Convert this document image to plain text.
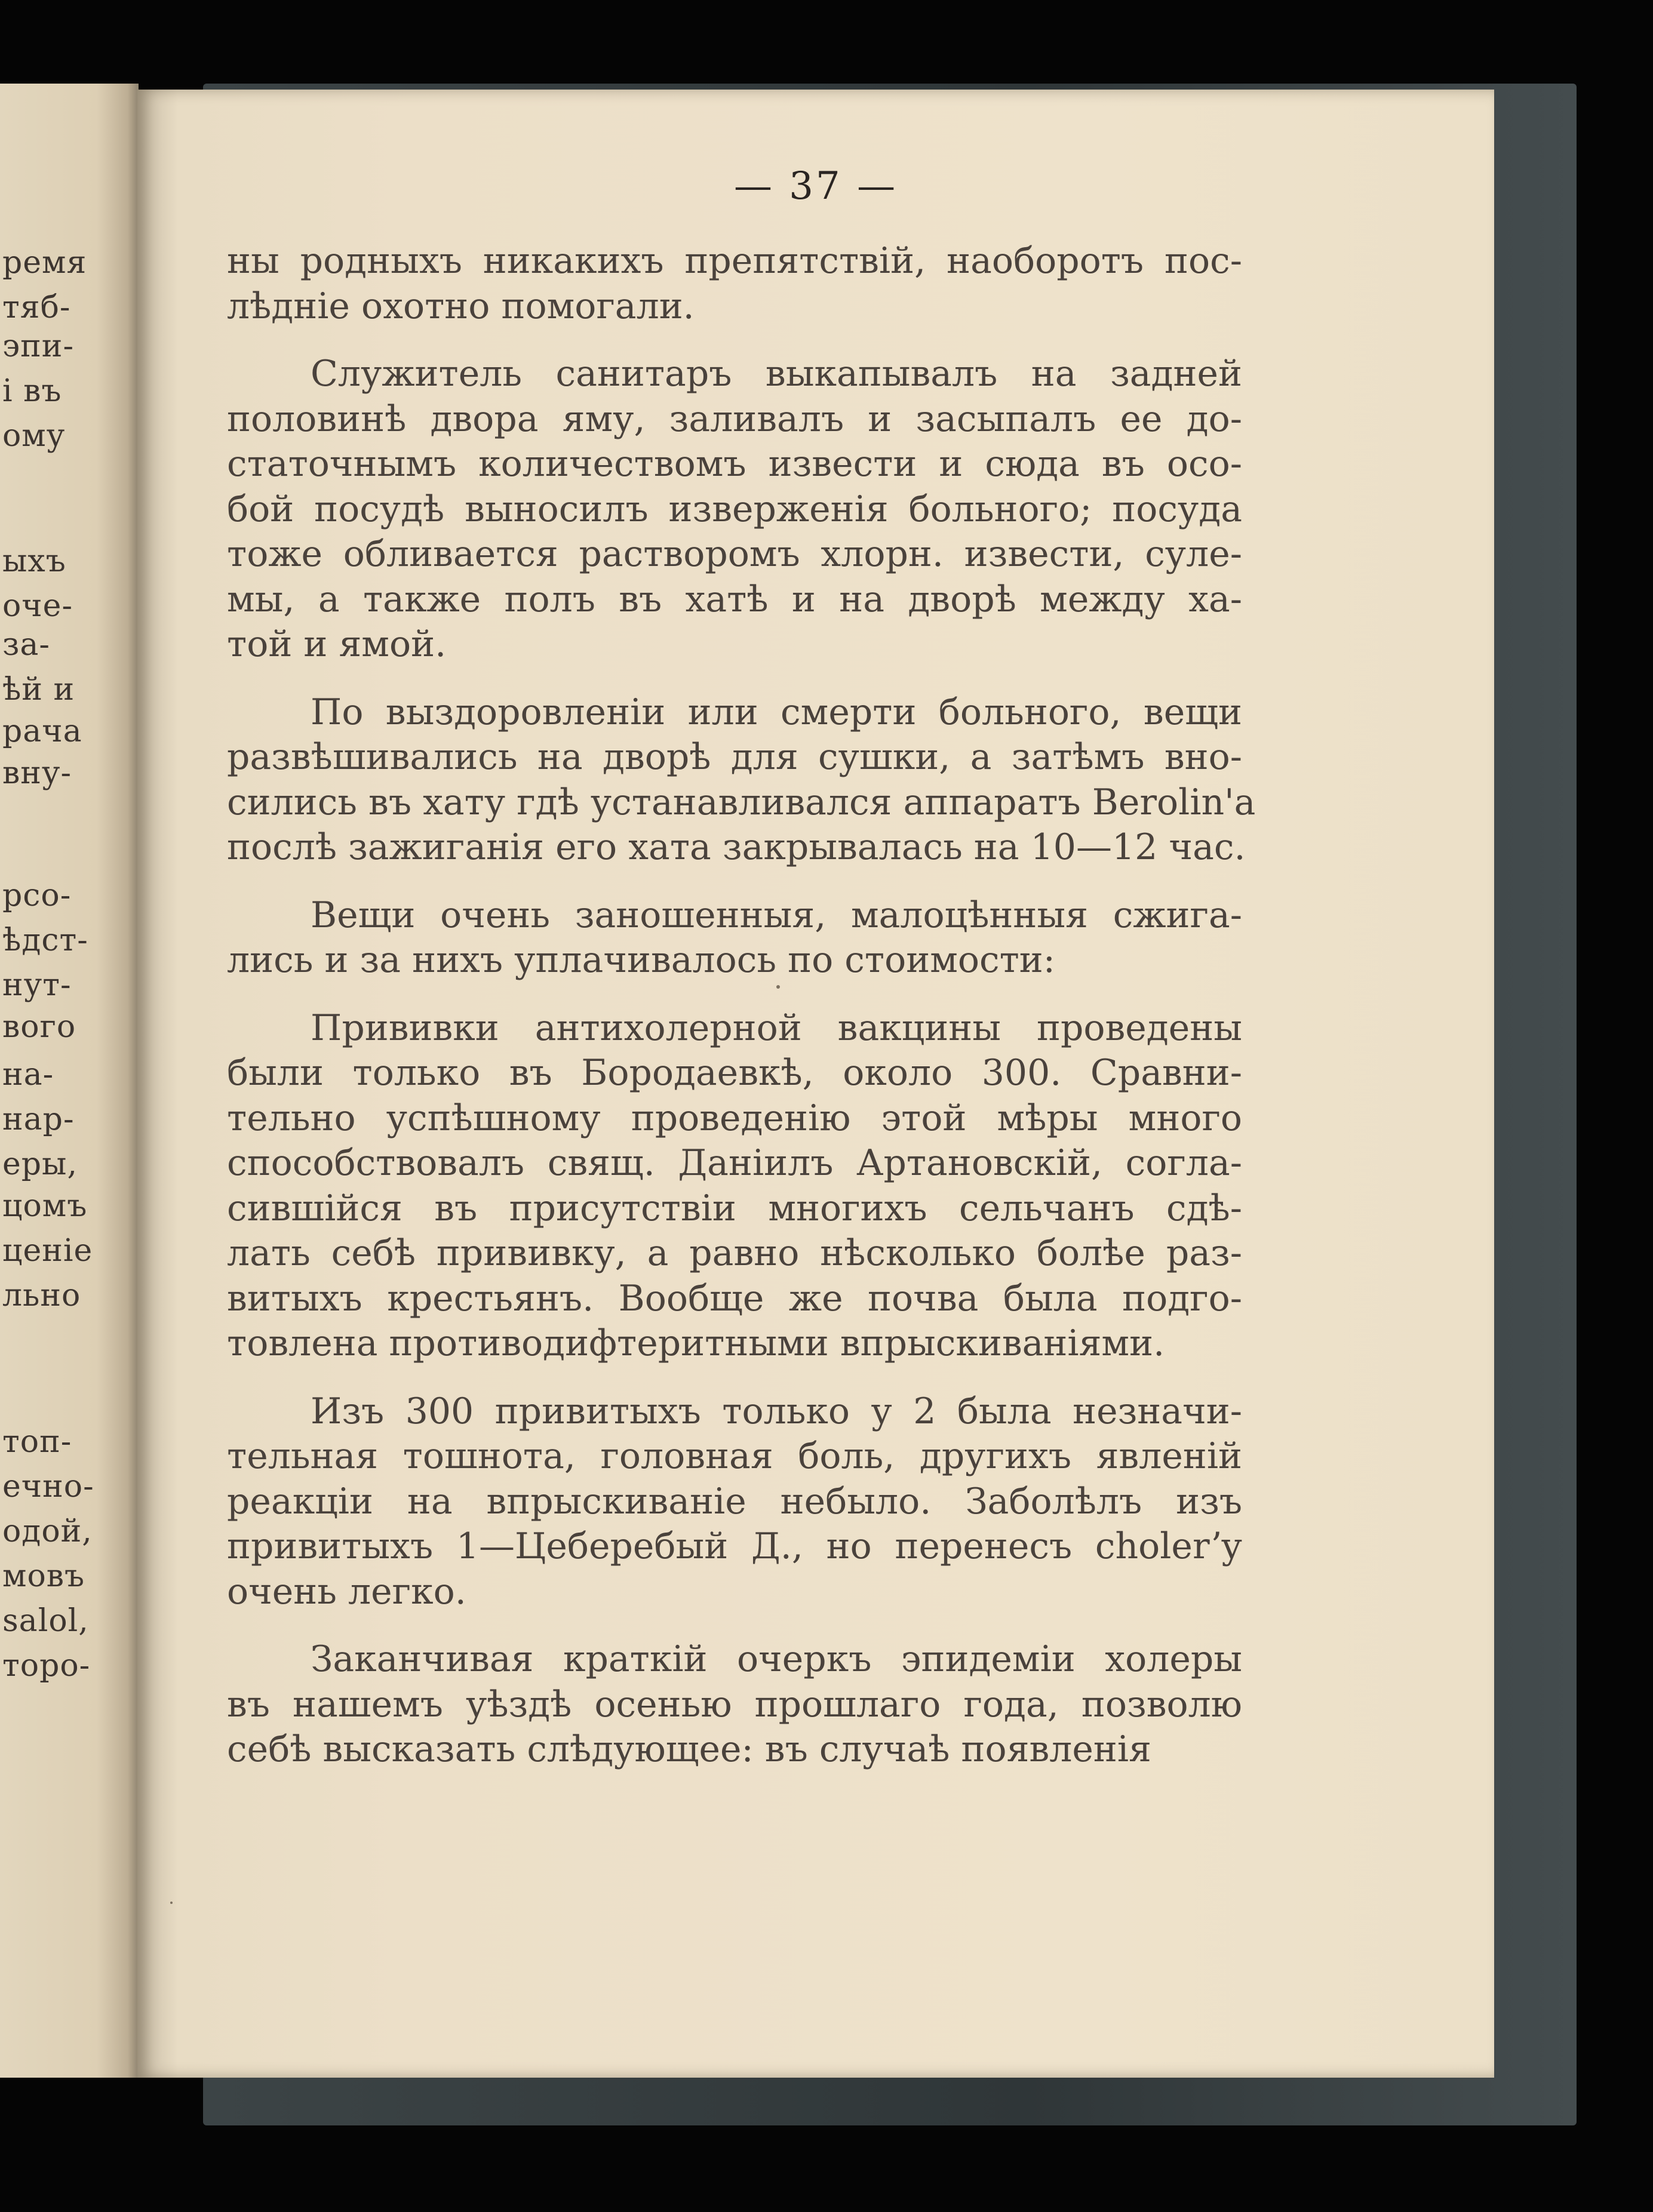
ремя
тяб-
эпи-
і въ
ому
ыхъ
оче-
за-
ѣй и
рача
вну-
рсо-
ѣдст-
нут-
вого
на-
нар-
еры,
цомъ
ценіе
льно
топ-
ечно-
одой,
мовъ
salol,
торо-
— 37 —
ны родныхъ никакихъ препятствій, наоборотъ пос-
лѣдніе охотно помогали.
Служитель санитаръ выкапывалъ на задней
половинѣ двора яму, заливалъ и засыпалъ ее до-
статочнымъ количествомъ извести и сюда въ осо-
бой посудѣ выносилъ изверженія больного; посуда
тоже обливается растворомъ хлорн. извести, суле-
мы, а также полъ въ хатѣ и на дворѣ между ха-
той и ямой.
По выздоровленіи или смерти больного, вещи
развѣшивались на дворѣ для сушки, а затѣмъ вно-
сились въ хату гдѣ устанавливался аппаратъ Berolin'а
послѣ зажиганія его хата закрывалась на 10—12 час.
Вещи очень заношенныя, малоцѣнныя сжига-
лись и за нихъ уплачивалось по стоимости:
Прививки антихолерной вакцины проведены
были только въ Бородаевкѣ, около 300. Сравни-
тельно успѣшному проведенію этой мѣры много
способствовалъ свящ. Даніилъ Артановскій, согла-
сившійся въ присутствіи многихъ сельчанъ сдѣ-
лать себѣ прививку, а равно нѣсколько болѣе раз-
витыхъ крестьянъ. Вообще же почва была подго-
товлена противодифтеритными впрыскиваніями.
Изъ 300 привитыхъ только у 2 была незначи-
тельная тошнота, головная боль, другихъ явленій
реакціи на впрыскиваніе небыло. Заболѣлъ изъ
привитыхъ 1—Цеберебый Д., но перенесъ cholerʼу
очень легко.
Заканчивая краткій очеркъ эпидеміи холеры
въ нашемъ уѣздѣ осенью прошлаго года, позволю
себѣ высказать слѣдующее: въ случаѣ появленія
